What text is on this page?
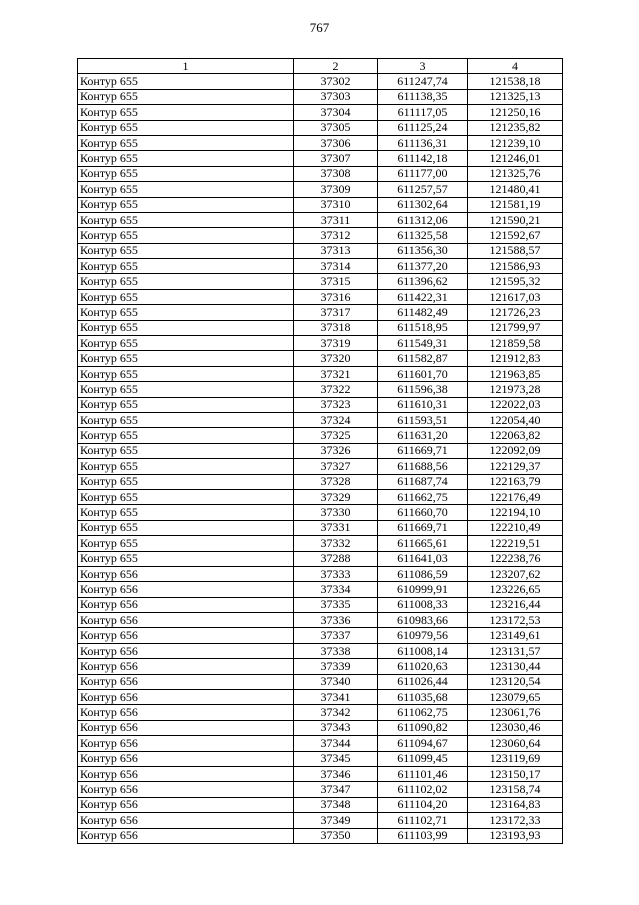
767
1	2	3	4
Контур 655	37302	611247,74	121538,18
Контур 655	37303	611138,35	121325,13
Контур 655	37304	611117,05	121250,16
Контур 655	37305	611125,24	121235,82
Контур 655	37306	611136,31	121239,10
Контур 655	37307	611142,18	121246,01
Контур 655	37308	611177,00	121325,76
Контур 655	37309	611257,57	121480,41
Контур 655	37310	611302,64	121581,19
Контур 655	37311	611312,06	121590,21
Контур 655	37312	611325,58	121592,67
Контур 655	37313	611356,30	121588,57
Контур 655	37314	611377,20	121586,93
Контур 655	37315	611396,62	121595,32
Контур 655	37316	611422,31	121617,03
Контур 655	37317	611482,49	121726,23
Контур 655	37318	611518,95	121799,97
Контур 655	37319	611549,31	121859,58
Контур 655	37320	611582,87	121912,83
Контур 655	37321	611601,70	121963,85
Контур 655	37322	611596,38	121973,28
Контур 655	37323	611610,31	122022,03
Контур 655	37324	611593,51	122054,40
Контур 655	37325	611631,20	122063,82
Контур 655	37326	611669,71	122092,09
Контур 655	37327	611688,56	122129,37
Контур 655	37328	611687,74	122163,79
Контур 655	37329	611662,75	122176,49
Контур 655	37330	611660,70	122194,10
Контур 655	37331	611669,71	122210,49
Контур 655	37332	611665,61	122219,51
Контур 655	37288	611641,03	122238,76
Контур 656	37333	611086,59	123207,62
Контур 656	37334	610999,91	123226,65
Контур 656	37335	611008,33	123216,44
Контур 656	37336	610983,66	123172,53
Контур 656	37337	610979,56	123149,61
Контур 656	37338	611008,14	123131,57
Контур 656	37339	611020,63	123130,44
Контур 656	37340	611026,44	123120,54
Контур 656	37341	611035,68	123079,65
Контур 656	37342	611062,75	123061,76
Контур 656	37343	611090,82	123030,46
Контур 656	37344	611094,67	123060,64
Контур 656	37345	611099,45	123119,69
Контур 656	37346	611101,46	123150,17
Контур 656	37347	611102,02	123158,74
Контур 656	37348	611104,20	123164,83
Контур 656	37349	611102,71	123172,33
Контур 656	37350	611103,99	123193,93
